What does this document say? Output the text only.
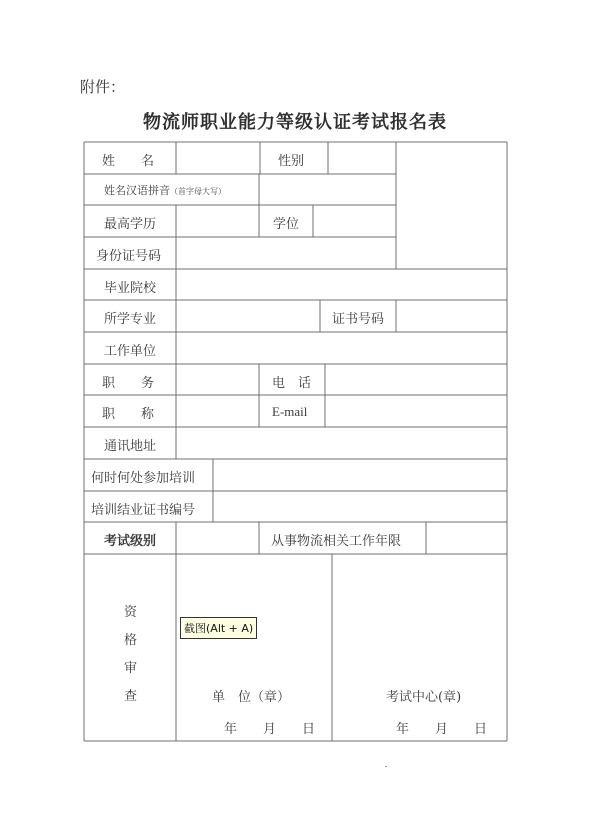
附件：
物流师职业能力等级认证考试报名表
姓　　名	性别
姓名汉语拼音（首字母大写）
最高学历	学位
身份证号码
毕业院校
所学专业	证书号码
工作单位
职　　务	电　话
职　　称	E-mail
通讯地址
何时何处参加培训
培训结业证书编号
考试级别	从事物流相关工作年限
资
格
审
查	单　位（章）	考试中心(章)
年　　月　　日	年　　月　　日
截图(Alt + A)
